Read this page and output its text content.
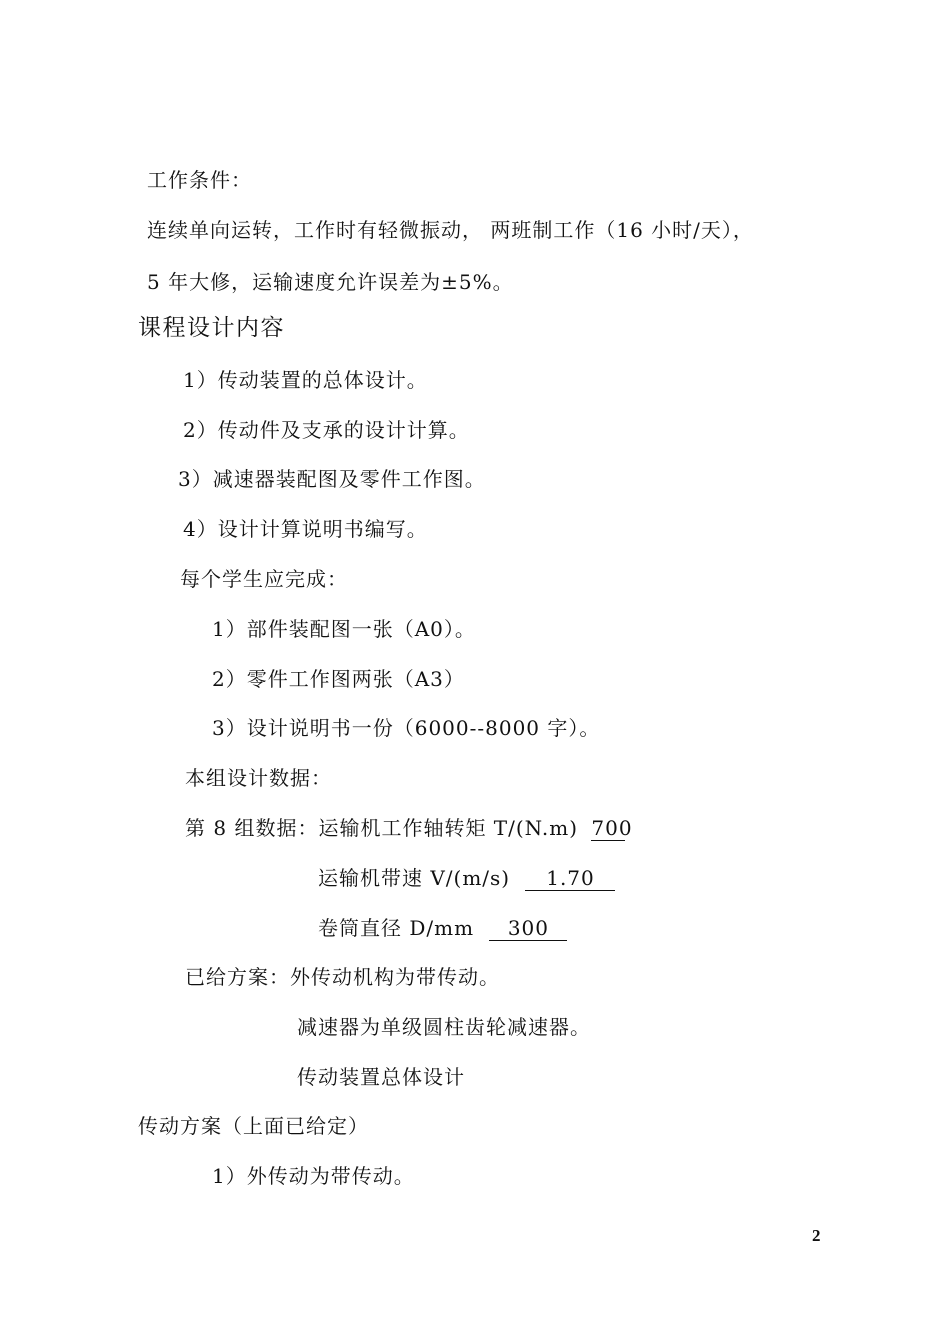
工作条件：
连续单向运转，工作时有轻微振动， 两班制工作（16 小时/天），
5 年大修，运输速度允许误差为±5%。
课程设计内容
1）传动装置的总体设计。
2）传动件及支承的设计计算。
3）减速器装配图及零件工作图。
4）设计计算说明书编写。
每个学生应完成：
1）部件装配图一张（A0）。
2）零件工作图两张（A3）
3）设计说明书一份（6000--8000 字）。
本组设计数据：
第 8 组数据：运输机工作轴转矩 T/(N.m) 700
运输机带速 V/(m/s) 1.70
卷筒直径 D/mm 300
已给方案：外传动机构为带传动。
减速器为单级圆柱齿轮减速器。
传动装置总体设计
传动方案（上面已给定）
1）外传动为带传动。
2
